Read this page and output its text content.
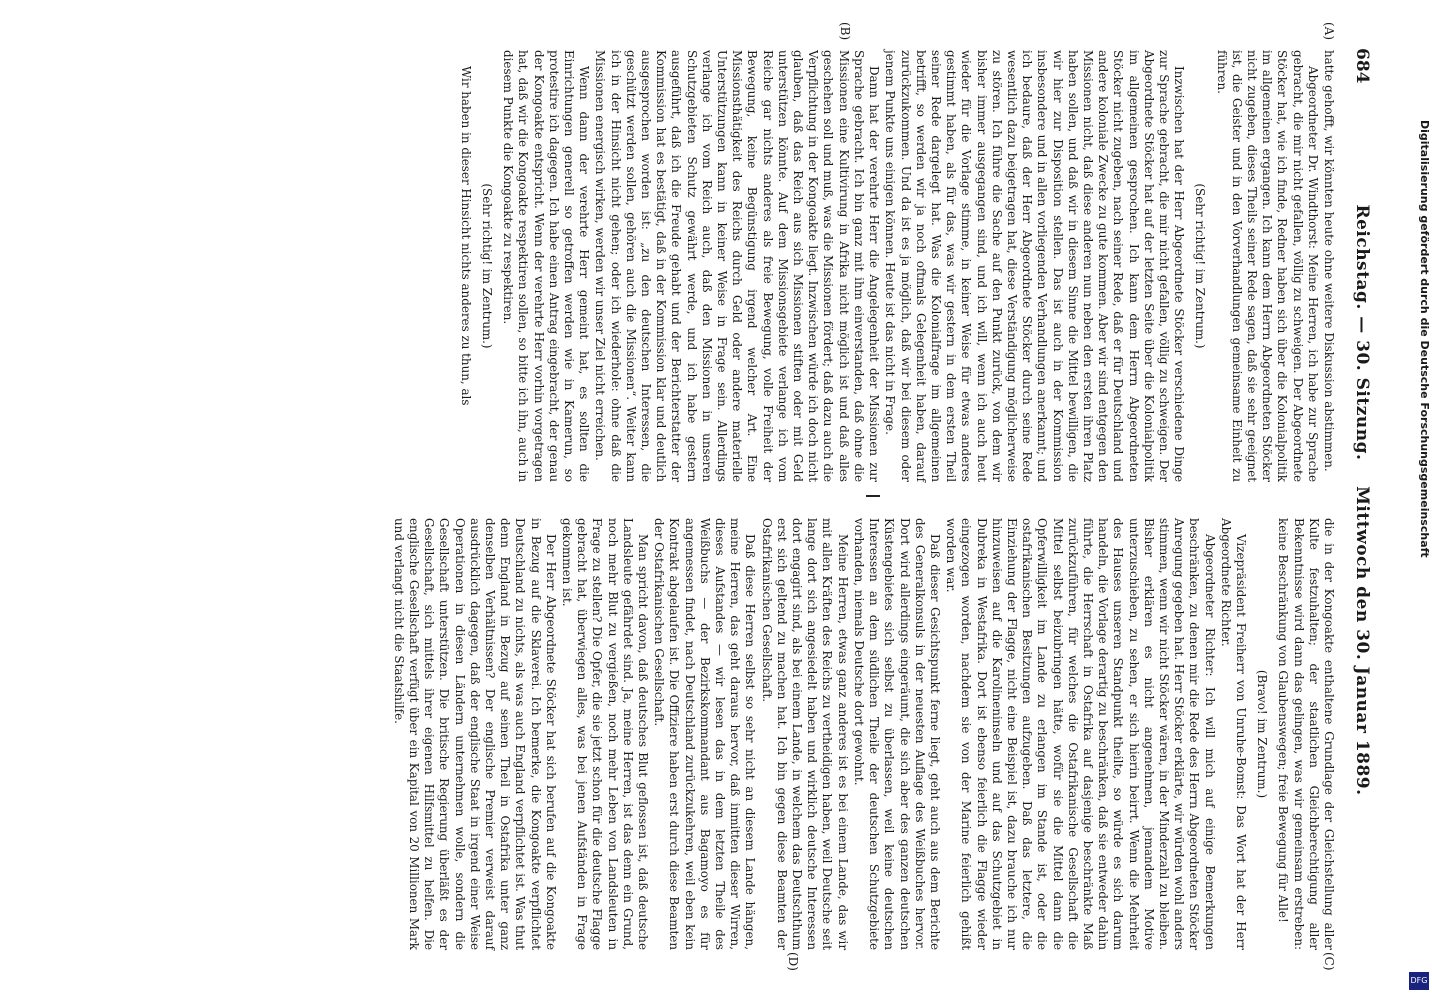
684
Reichstag. — 30. Sitzung.    Mittwoch den 30. Januar 1889.
(A)
(B)
(C)
(D)

hatte gehofft, wir könnten heute ohne weitere Diskussion abstimmen.

Abgeordneter Dr. Windthorst: Meine Herren, ich habe zur Sprache gebracht, die mir nicht gefallen, völlig zu schweigen. Der Abgeordnete Stöcker hat, wie ich finde, Redner haben sich über die Kolonialpolitik im allgemeinen ergangen. Ich kann dem Herrn Abgeordneten Stöcker nicht zugeben, dieses Theils seiner Rede sagen, daß sie sehr geeignet ist, die Geister und in den Vorverhandlungen gemeinsame Einheit zu führen.

(Sehr richtig! im Zentrum.)

Inzwischen hat der Herr Abgeordnete Stöcker verschiedene Dinge zur Sprache gebracht, die mir nicht gefallen, völlig zu schweigen. Der Abgeordnete Stöcker hat auf der letzten Seite über die Kolonialpolitik im allgemeinen gesprochen. Ich kann dem Herrn Abgeordneten Stöcker nicht zugeben, nach seiner Rede, daß er für Deutschland und andere koloniale Zwecke zu gute kommen. Aber wir sind entgegen den Missionen nicht, daß diese anderen nun neben den ersten ihren Platz haben sollen, und daß wir in diesem Sinne die Mittel bewilligen, die wir hier zur Disposition stellen. Das ist auch in der Kommission insbesondere und in allen vorliegenden Verhandlungen anerkannt; und ich bedaure, daß der Herr Abgeordnete Stöcker durch seine Rede wesentlich dazu beigetragen hat, diese Verständigung möglicherweise zu stören. Ich führe die Sache auf den Punkt zurück, von dem wir bisher immer ausgegangen sind, und ich will, wenn ich auch heut wieder für die Vorlage stimme, in keiner Weise für etwas anderes gestimmt haben, als für das, was wir gestern in dem ersten Theil seiner Rede dargelegt hat. Was die Kolonialfrage im allgemeinen betrifft, so werden wir ja noch oftmals Gelegenheit haben, darauf zurückzukommen. Und da ist es ja möglich, daß wir bei diesem oder jenem Punkte uns einigen können. Heute ist das nicht in Frage.

Dann hat der verehrte Herr die Angelegenheit der Missionen zur Sprache gebracht. Ich bin ganz mit ihm einverstanden, daß ohne die Missionen eine Kultivirung in Afrika nicht möglich ist und daß alles geschehen soll und muß, was die Missionen fördert; daß dazu auch die Verpflichtung in der Kongoakte liegt. Inzwischen würde ich doch nicht glauben, daß das Reich aus sich Missionen stiften oder mit Geld unterstützen könnte. Auf dem Missionsgebiete verlange ich vom Reiche gar nichts anderes als freie Bewegung, volle Freiheit der Bewegung, keine Begünstigung irgend welcher Art. Eine Missionsthätigkeit des Reichs durch Geld oder andere materielle Unterstützungen kann in keiner Weise in Frage sein. Allerdings verlange ich vom Reich auch, daß den Missionen in unseren Schutzgebieten Schutz gewährt werde, und ich habe gestern ausgeführt, daß ich die Freude gehabt und der Berichterstatter der Kommission hat es bestätigt, daß in der Kommission klar und deutlich ausgesprochen worden ist: „zu den deutschen Interessen, die geschützt werden sollen, gehören auch die Missionen“. Weiter kann ich in der Hinsicht nicht gehen; oder ich wiederhole: ohne daß die Missionen energisch wirken, werden wir unser Ziel nicht erreichen.

Wenn dann der verehrte Herr gemeint hat, es sollten die Einrichtungen generell so getroffen werden wie in Kamerun, so protestire ich dagegen. Ich habe einen Antrag eingebracht, der genau der Kongoakte entspricht. Wenn der verehrte Herr vorhin vorgetragen hat, daß wir die Kongoakte respektiren sollen, so bitte ich ihn, auch in diesem Punkte die Kongoakte zu respektiren.

(Sehr richtig! im Zentrum.)

Wir haben in dieser Hinsicht nichts anderes zu thun, als

die in der Kongoakte enthaltene Grundlage der Gleichstellung aller Kulte festzuhalten; der staatlichen Gleichberechtigung aller Bekenntnisse wird dann das gelingen, was wir gemeinsam erstreben: keine Beschränkung von Glaubenswegen; freie Bewegung für Alle!

(Bravo! im Zentrum.)

Vizepräsident Freiherr von Unruhe-Bomst: Das Wort hat der Herr Abgeordnete Richter.

Abgeordneter Richter: Ich will mich auf einige Bemerkungen beschränken, zu denen mir die Rede des Herrn Abgeordneten Stöcker Anregung gegeben hat. Herr Stöcker erklärte, wir würden wohl anders stimmen, wenn wir nicht Stöcker wären, in der Minderzahl zu bleiben. Bisher erklären es nicht angenehmen, jemandem Motive unterzuschieben, zu sehen, er sich hierin beirrt. Wenn die Mehrheit des Hauses unseren Standpunkt theilte, so würde es sich darum handeln, die Vorlage derartig zu beschränken, daß sie entweder dahin führte, die Herrschaft in Ostafrika auf dasjenige beschränkte Maß zurückzuführen, für welches die Ostafrikanische Gesellschaft die Mittel selbst beizubringen hätte, wofür sie die Mittel dann die Opferwilligkeit im Lande zu erlangen im Stande ist, oder die ostafrikanischen Besitzungen aufzugeben. Daß das letztere, die Einziehung der Flagge, nicht eine Beispiel ist, dazu brauche ich nur hinzuweisen auf die Karolineninseln und auf das Schutzgebiet in Dubreka in Westafrika. Dort ist ebenso feierlich die Flagge wieder eingezogen worden, nachdem sie von der Marine feierlich gehißt worden war.

Daß dieser Gesichtspunkt ferne liegt, geht auch aus dem Berichte des Generalkonsuls in der neuesten Auflage des Weißbuches hervor. Dort wird allerdings eingeräumt, die sich aber des ganzen deutschen Küstengebietes sich selbst zu überlassen, weil keine deutschen Interessen an dem südlichen Theile der deutschen Schutzgebiete vorhanden, niemals Deutsche dort gewohnt.

Meine Herren, etwas ganz anderes ist es bei einem Lande, das wir mit allen Kräften des Reichs zu vertheidigen haben, weil Deutsche seit lange dort sich angesiedelt haben und wirklich deutsche Interessen dort engagirt sind, als bei einem Lande, in welchem das Deutschthum erst sich geltend zu machen hat. Ich bin gegen diese Beamten der Ostafrikanischen Gesellschaft.

Daß diese Herren selbst so sehr nicht an diesem Lande hängen, meine Herren, das geht daraus hervor, daß inmitten dieser Wirren, dieses Aufstandes — wir lesen das in dem letzten Theile des Weißbuchs — der Bezirkskommandant aus Bagamoyo es für angemessen findet, nach Deutschland zurückzukehren, weil eben kein Kontrakt abgelaufen ist. Die Offiziere haben erst durch diese Beamten der Ostafrikanischen Gesellschaft.

Man spricht davon, daß deutsches Blut geflossen ist, daß deutsche Landsleute gefährdet sind. Ja, meine Herren, ist das denn ein Grund, noch mehr Blut zu vergießen, noch mehr Leben von Landsleuten in Frage zu stellen? Die Opfer, die sie jetzt schon für die deutsche Flagge gebracht hat, überwiegen alles, was bei jenen Aufständen in Frage gekommen ist.

Der Herr Abgeordnete Stöcker hat sich berufen auf die Kongoakte in Bezug auf die Sklaverei. Ich bemerke, die Kongoakte verpflichtet Deutschland zu nichts, als was auch England verpflichtet ist. Was thut denn England in Bezug auf seinen Theil in Ostafrika unter ganz denselben Verhältnissen? Der englische Premier verweist darauf ausdrücklich dagegen, daß der englische Staat in irgend einer Weise Operationen in diesen Ländern unternehmen wolle, sondern die Gesellschaft unterstützen. Die britische Regierung überläßt es der Gesellschaft, sich mittels ihrer eigenen Hilfsmittel zu helfen. Die englische Gesellschaft verfügt über ein Kapital von 20 Millionen Mark und verlangt nicht die Staatshilfe.

Digitalisierung gefördert durch die Deutsche Forschungsgemeinschaft
DFG
